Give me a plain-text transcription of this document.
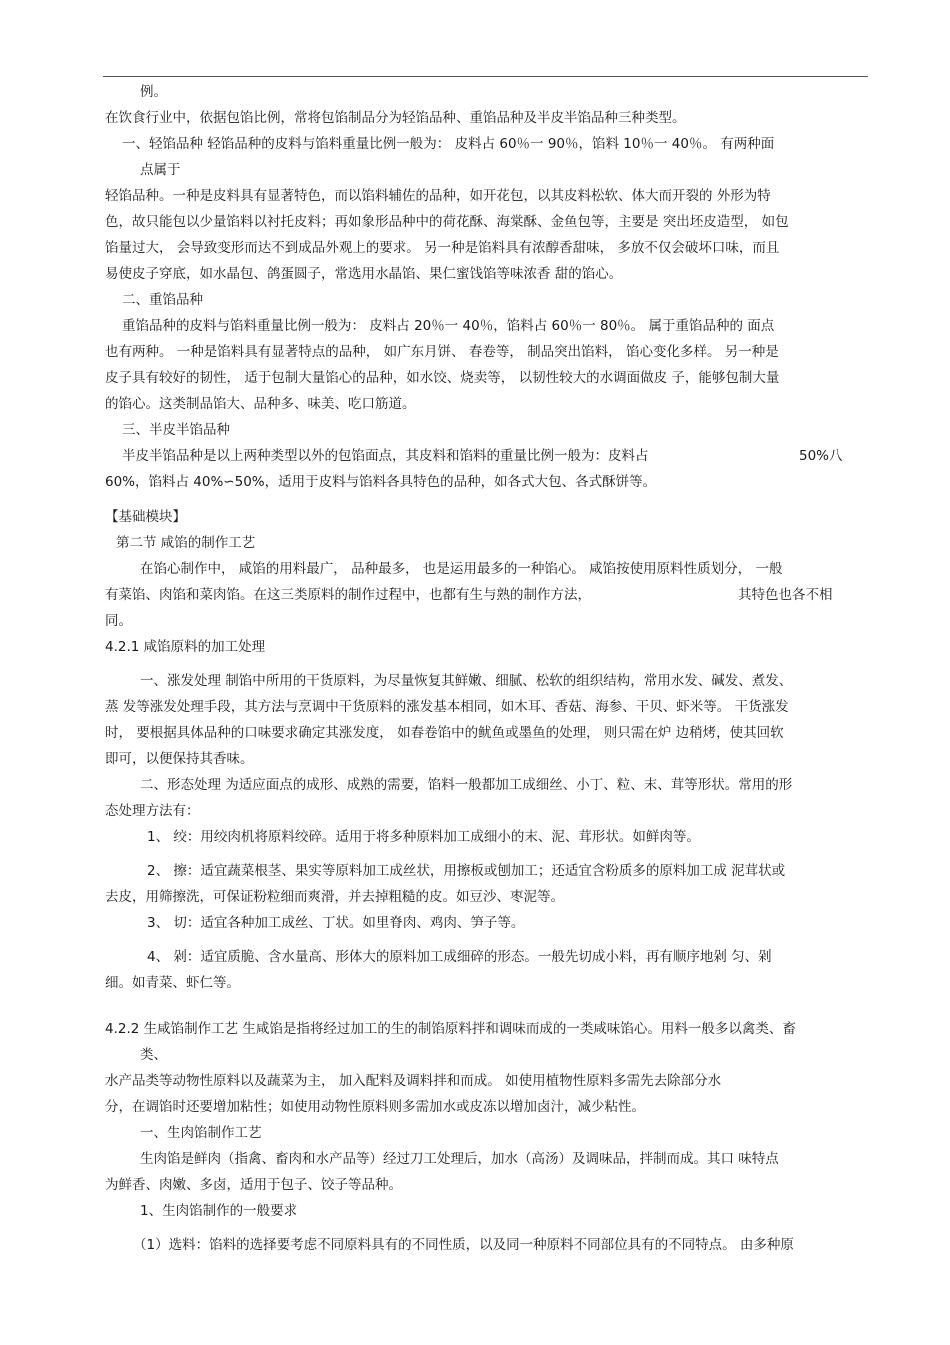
例。
在饮食行业中，依据包馅比例，常将包馅制品分为轻馅品种、重馅品种及半皮半馅品种三种类型。
一、轻馅品种 轻馅品种的皮料与馅料重量比例一般为： 皮料占 60％一 90％，馅料 10％一 40％。 有两种面
点属于
轻馅品种。一种是皮料具有显著特色，而以馅料辅佐的品种，如开花包，以其皮料松软、体大而开裂的 外形为特
色，故只能包以少量馅料以衬托皮料；再如象形品种中的荷花酥、海棠酥、金鱼包等，主要是 突出坯皮造型， 如包
馅量过大， 会导致变形而达不到成品外观上的要求。 另一种是馅料具有浓醇香甜味， 多放不仅会破坏口味，而且
易使皮子穿底，如水晶包、鸽蛋圆子，常选用水晶馅、果仁蜜饯馅等味浓香 甜的馅心。
二、重馅品种
重馅品种的皮料与馅料重量比例一般为： 皮料占 20％一 40％，馅料占 60％一 80％。 属于重馅品种的 面点
也有两种。 一种是馅料具有显著特点的品种， 如广东月饼、 春卷等， 制品突出馅料， 馅心变化多样。 另一种是
皮子具有较好的韧性， 适于包制大量馅心的品种，如水饺、烧卖等， 以韧性较大的水调面做皮 子，能够包制大量
的馅心。这类制品馅大、品种多、味美、吃口筋道。
三、半皮半馅品种
半皮半馅品种是以上两种类型以外的包馅面点，其皮料和馅料的重量比例一般为：皮料占	50%八
60%，馅料占 40%∽50%，适用于皮料与馅料各具特色的品种，如各式大包、各式酥饼等。
【基础模块】
第二节 咸馅的制作工艺
在馅心制作中， 咸馅的用料最广， 品种最多， 也是运用最多的一种馅心。 咸馅按使用原料性质划分， 一般
有菜馅、肉馅和菜肉馅。在这三类原料的制作过程中，也都有生与熟的制作方法，	其特色也各不相
同。
4.2.1 咸馅原料的加工处理
一、涨发处理 制馅中所用的干货原料，为尽量恢复其鲜嫩、细腻、松软的组织结构，常用水发、碱发、煮发、
蒸 发等涨发处理手段，其方法与烹调中干货原料的涨发基本相同，如木耳、香菇、海参、干贝、虾米等。 干货涨发
时， 要根据具体品种的口味要求确定其涨发度， 如春卷馅中的鱿鱼或墨鱼的处理， 则只需在炉 边稍烤，使其回软
即可，以便保持其香味。
二、形态处理 为适应面点的成形、成熟的需要，馅料一般都加工成细丝、小丁、粒、末、茸等形状。常用的形
态处理方法有：
1、 绞：用绞肉机将原料绞碎。适用于将多种原料加工成细小的末、泥、茸形状。如鲜肉等。
2、 擦：适宜蔬菜根茎、果实等原料加工成丝状，用擦板或刨加工；还适宜含粉质多的原料加工成 泥茸状或
去皮，用筛擦洗，可保证粉粒细而爽滑，并去掉粗糙的皮。如豆沙、枣泥等。
3、 切：适宜各种加工成丝、丁状。如里脊肉、鸡肉、笋子等。
4、 剁：适宜质脆、含水量高、形体大的原料加工成细碎的形态。一般先切成小料，再有顺序地剁 匀、剁
细。如青菜、虾仁等。
4.2.2 生咸馅制作工艺 生咸馅是指将经过加工的生的制馅原料拌和调味而成的一类咸味馅心。用料一般多以禽类、畜
类、
水产品类等动物性原料以及蔬菜为主， 加入配料及调料拌和而成。 如使用植物性原料多需先去除部分水
分，在调馅时还要增加粘性；如使用动物性原料则多需加水或皮冻以增加卤汁，减少粘性。
一、生肉馅制作工艺
生肉馅是鲜肉（指禽、畜肉和水产品等）经过刀工处理后，加水（高汤）及调味品，拌制而成。其口 味特点
为鲜香、肉嫩、多卤，适用于包子、饺子等品种。
1、生肉馅制作的一般要求
（1）选料：馅料的选择要考虑不同原料具有的不同性质，以及同一种原料不同部位具有的不同特点。 由多种原
